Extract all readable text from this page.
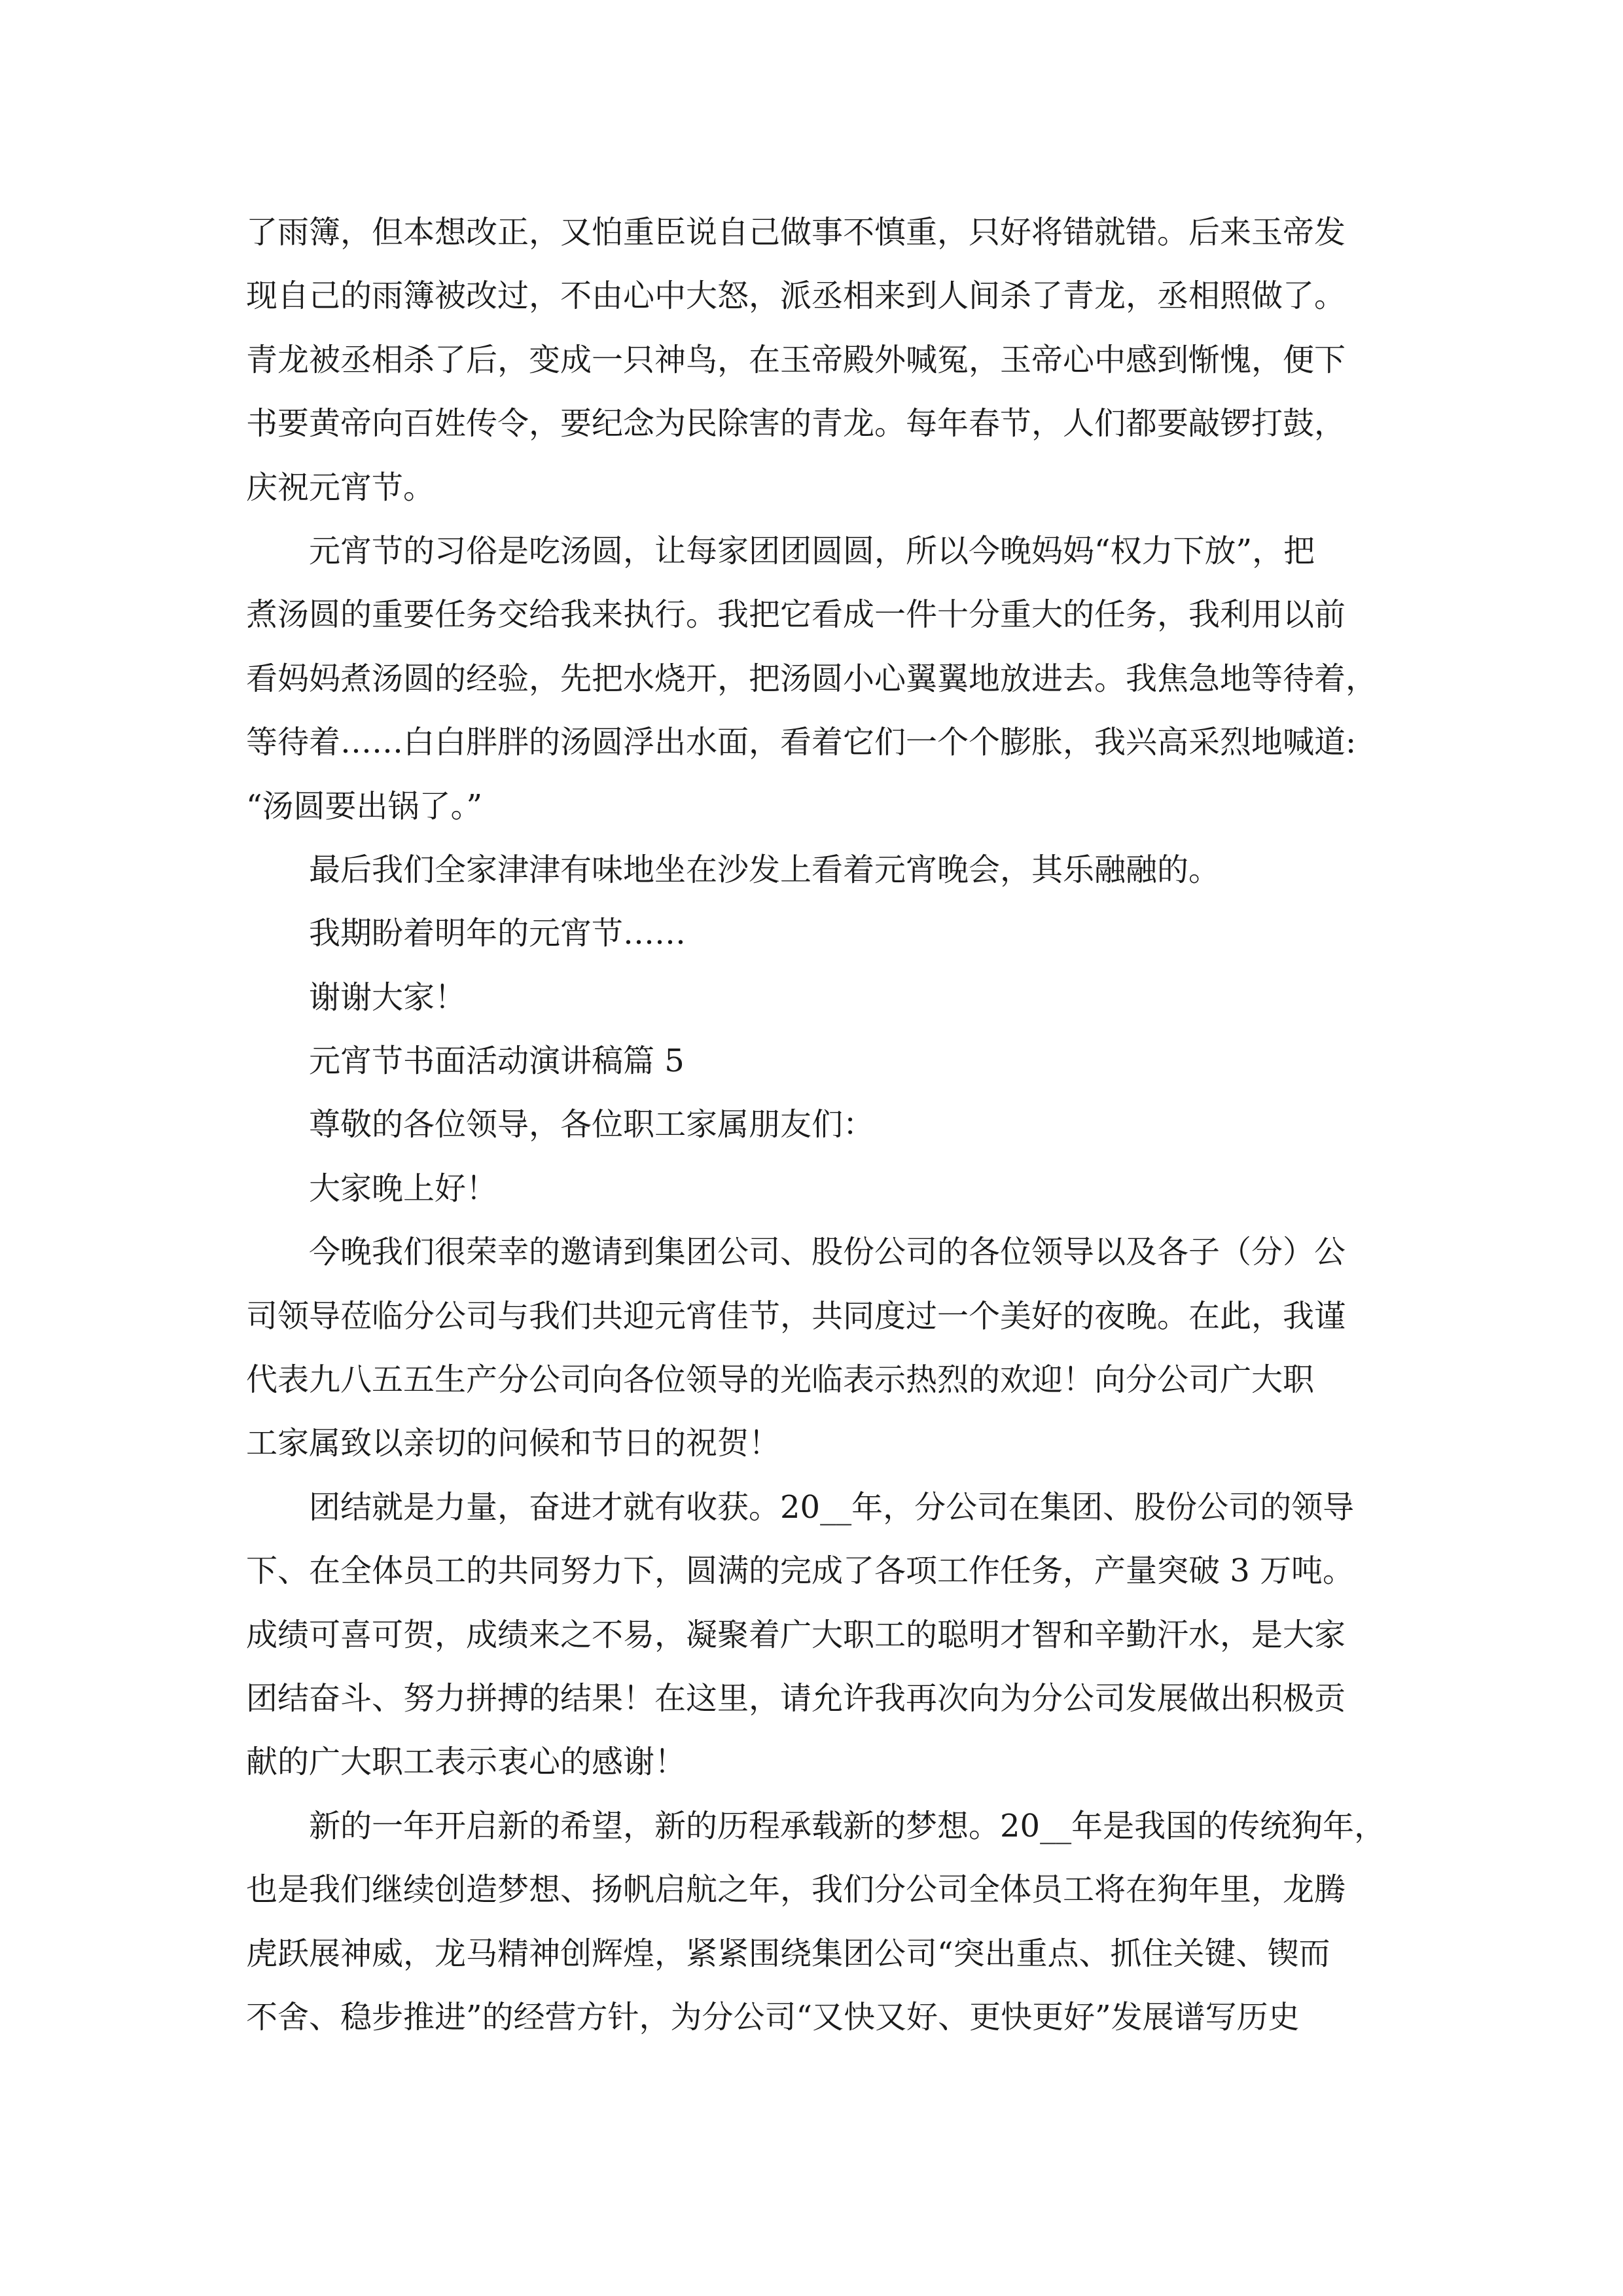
了雨簿，但本想改正，又怕重臣说自己做事不慎重，只好将错就错。后来玉帝发
现自己的雨簿被改过，不由心中大怒，派丞相来到人间杀了青龙，丞相照做了。
青龙被丞相杀了后，变成一只神鸟，在玉帝殿外喊冤，玉帝心中感到惭愧，便下
书要黄帝向百姓传令，要纪念为民除害的青龙。每年春节，人们都要敲锣打鼓，
庆祝元宵节。
元宵节的习俗是吃汤圆，让每家团团圆圆，所以今晚妈妈“权力下放”，把
煮汤圆的重要任务交给我来执行。我把它看成一件十分重大的任务，我利用以前
看妈妈煮汤圆的经验，先把水烧开，把汤圆小心翼翼地放进去。我焦急地等待着，
等待着……白白胖胖的汤圆浮出水面，看着它们一个个膨胀，我兴高采烈地喊道:
“汤圆要出锅了。”
最后我们全家津津有味地坐在沙发上看着元宵晚会，其乐融融的。
我期盼着明年的元宵节……
谢谢大家！
元宵节书面活动演讲稿篇 5
尊敬的各位领导，各位职工家属朋友们：
大家晚上好！
今晚我们很荣幸的邀请到集团公司、股份公司的各位领导以及各子（分）公
司领导莅临分公司与我们共迎元宵佳节，共同度过一个美好的夜晚。在此，我谨
代表九八五五生产分公司向各位领导的光临表示热烈的欢迎！向分公司广大职
工家属致以亲切的问候和节日的祝贺！
团结就是力量，奋进才就有收获。20__年，分公司在集团、股份公司的领导
下、在全体员工的共同努力下，圆满的完成了各项工作任务，产量突破 3 万吨。
成绩可喜可贺，成绩来之不易，凝聚着广大职工的聪明才智和辛勤汗水，是大家
团结奋斗、努力拼搏的结果！在这里，请允许我再次向为分公司发展做出积极贡
献的广大职工表示衷心的感谢！
新的一年开启新的希望，新的历程承载新的梦想。20__年是我国的传统狗年，
也是我们继续创造梦想、扬帆启航之年，我们分公司全体员工将在狗年里，龙腾
虎跃展神威，龙马精神创辉煌，紧紧围绕集团公司“突出重点、抓住关键、锲而
不舍、稳步推进”的经营方针，为分公司“又快又好、更快更好”发展谱写历史
